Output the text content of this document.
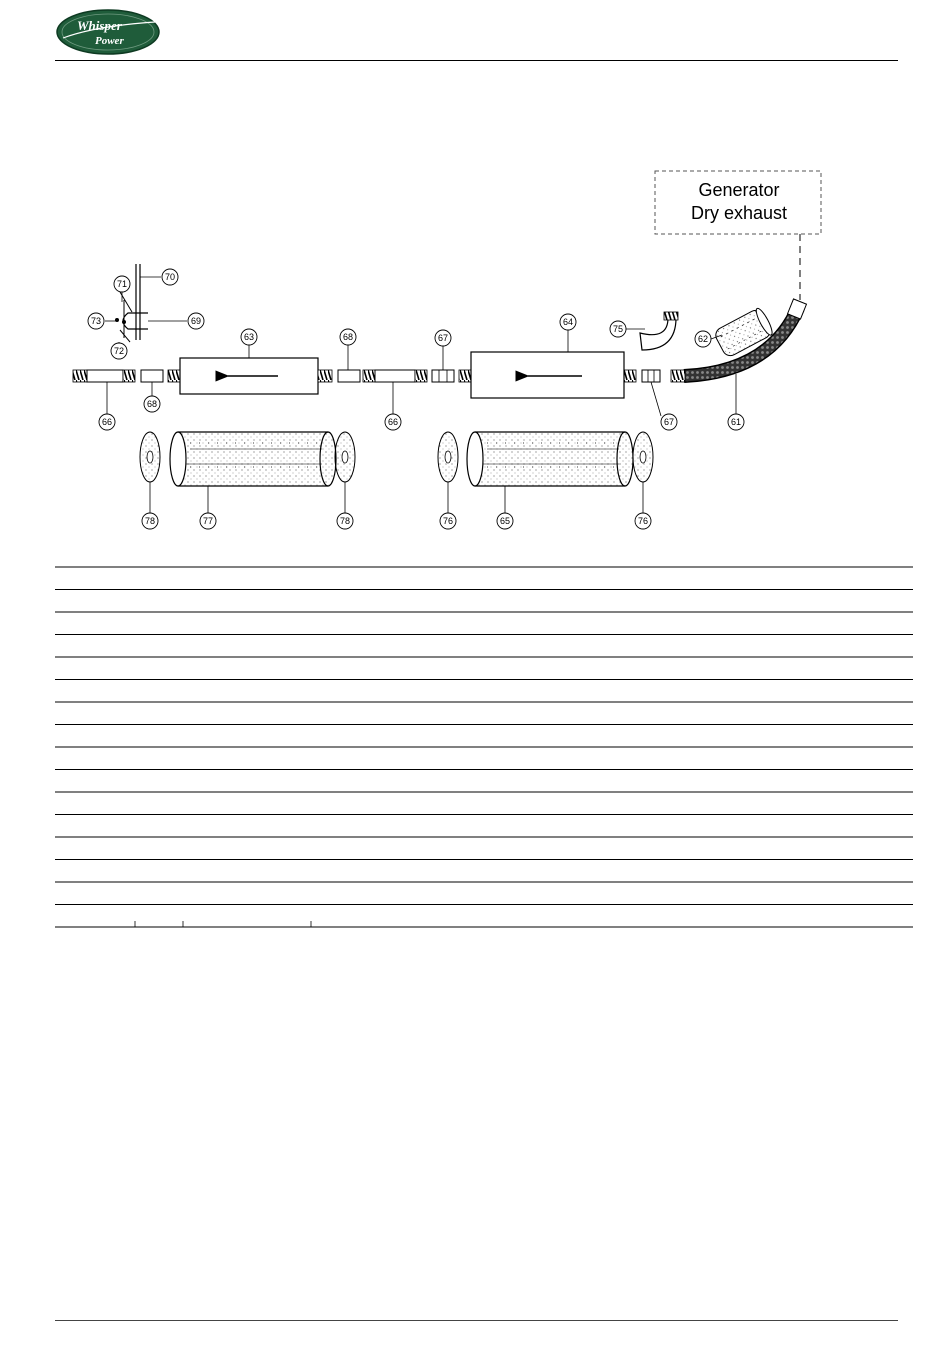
Whisper
Power
Generator
Dry exhaust
70
71
73	69
72
63	68	67
64
75
62
66
68
66	67	61
78	77	78	76	65	76
